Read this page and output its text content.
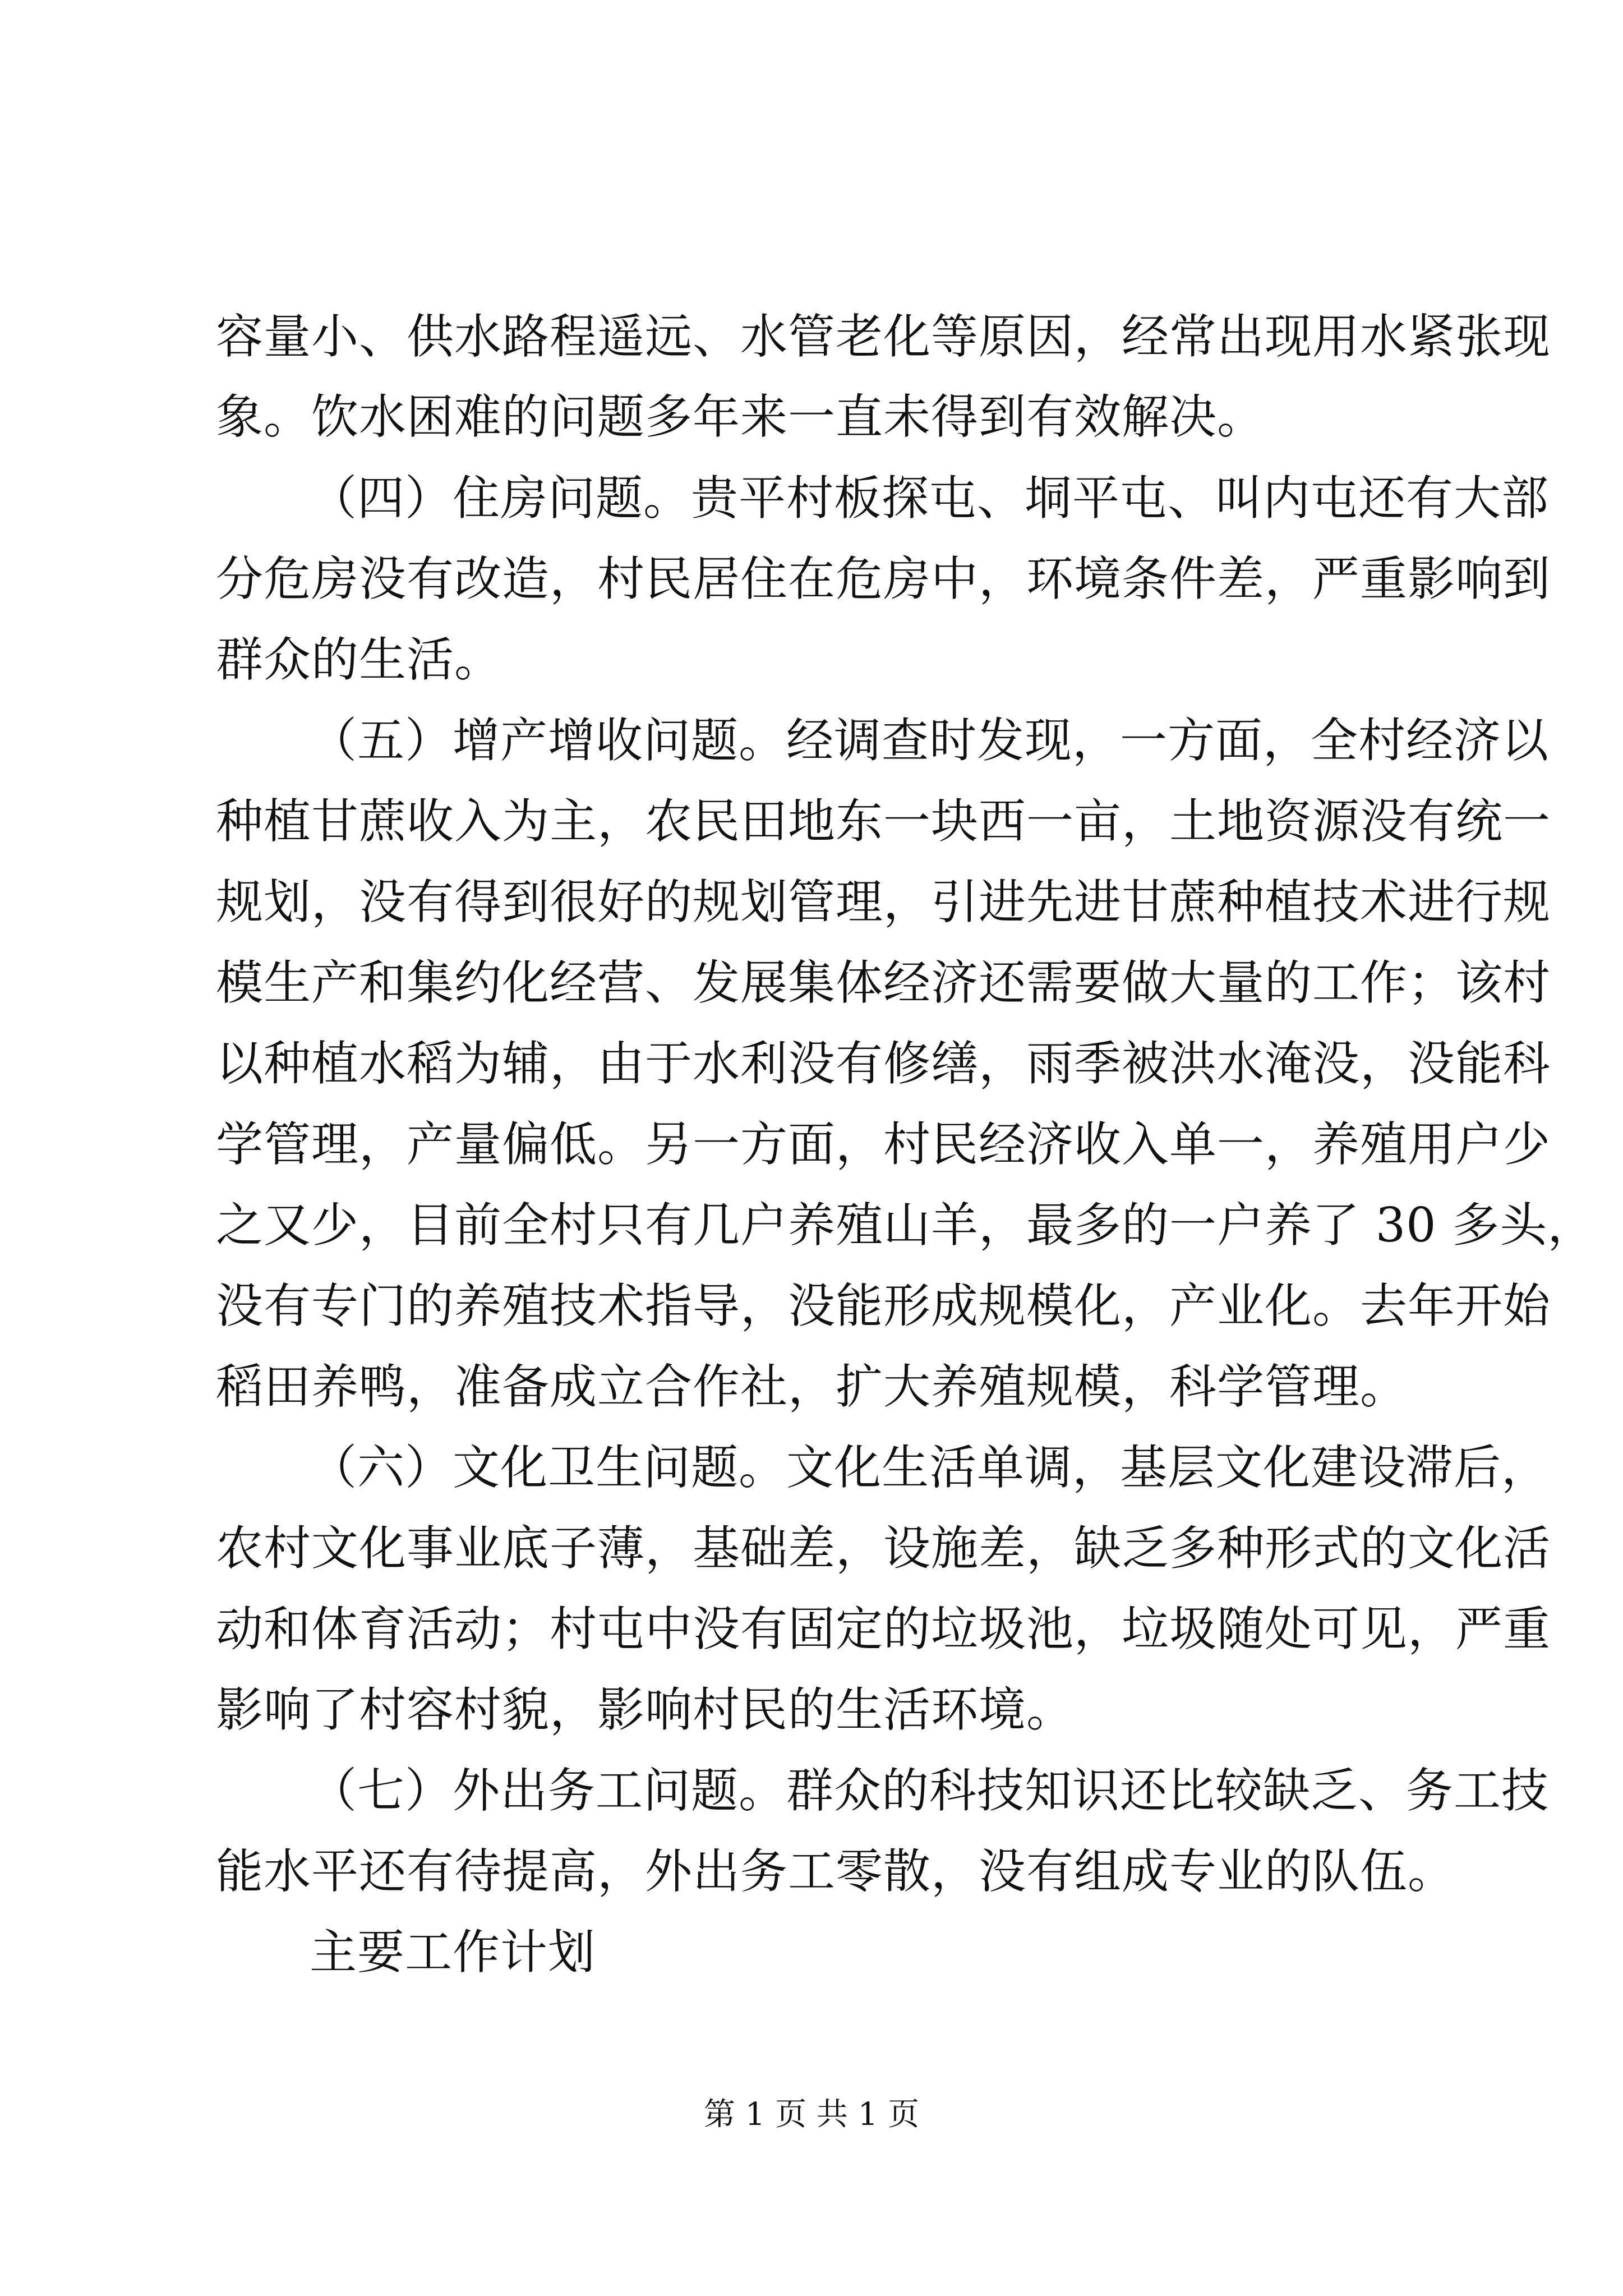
容量小、供水路程遥远、水管老化等原因，经常出现用水紧张现
象。饮水困难的问题多年来一直未得到有效解决。
（四）住房问题。贵平村板探屯、垌平屯、叫内屯还有大部
分危房没有改造，村民居住在危房中，环境条件差，严重影响到
群众的生活。
（五）增产增收问题。经调查时发现，一方面，全村经济以
种植甘蔗收入为主，农民田地东一块西一亩，土地资源没有统一
规划，没有得到很好的规划管理，引进先进甘蔗种植技术进行规
模生产和集约化经营、发展集体经济还需要做大量的工作；该村
以种植水稻为辅，由于水利没有修缮，雨季被洪水淹没，没能科
学管理，产量偏低。另一方面，村民经济收入单一，养殖用户少
之又少，目前全村只有几户养殖山羊，最多的一户养了 30 多头，
没有专门的养殖技术指导，没能形成规模化，产业化。去年开始
稻田养鸭，准备成立合作社，扩大养殖规模，科学管理。
（六）文化卫生问题。文化生活单调，基层文化建设滞后，
农村文化事业底子薄，基础差，设施差，缺乏多种形式的文化活
动和体育活动；村屯中没有固定的垃圾池，垃圾随处可见，严重
影响了村容村貌，影响村民的生活环境。
（七）外出务工问题。群众的科技知识还比较缺乏、务工技
能水平还有待提高，外出务工零散，没有组成专业的队伍。
主要工作计划
第 1 页 共 1 页
